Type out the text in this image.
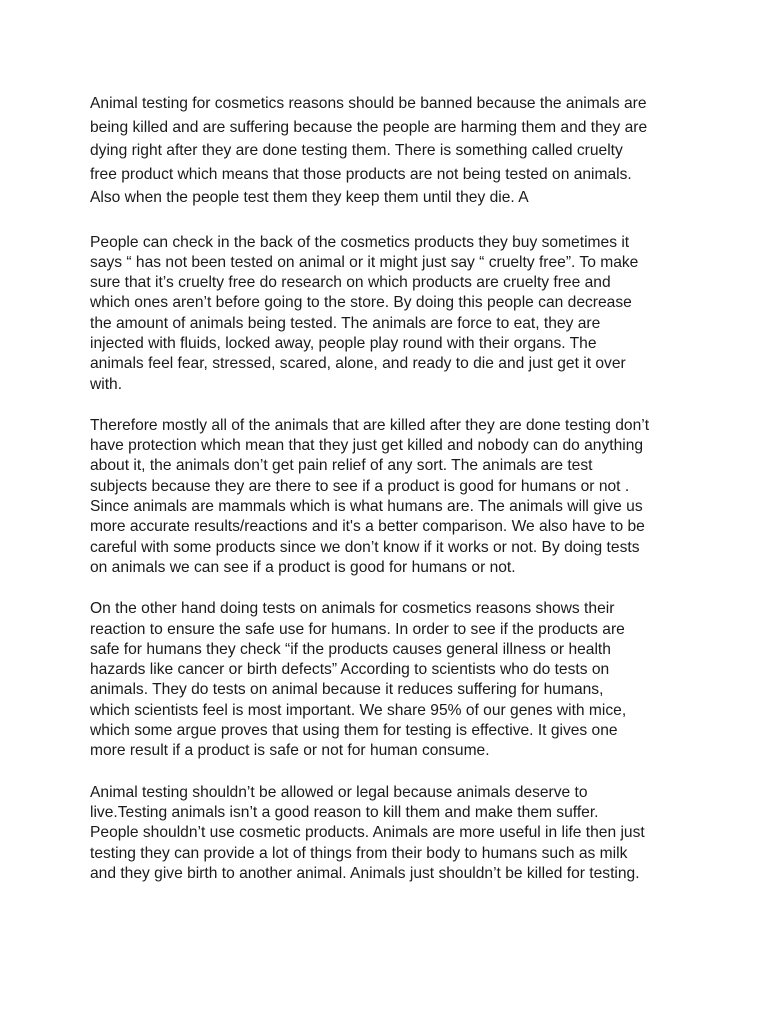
Animal testing for cosmetics reasons should be banned because the animals are
being killed and are suffering because the people are harming them and they are
dying right after they are done testing them. There is something called cruelty
free product which means that those products are not being tested on animals.
Also when the people test them they keep them until they die. A

People can check in the back of the cosmetics products they buy sometimes it
says “ has not been tested on animal or it might just say “ cruelty free”. To make
sure that it’s cruelty free do research on which products are cruelty free and
which ones aren’t before going to the store. By doing this people can decrease
the amount of animals being tested. The animals are force to eat, they are
injected with fluids, locked away, people play round with their organs. The
animals feel fear, stressed, scared, alone, and ready to die and just get it over
with.

Therefore mostly all of the animals that are killed after they are done testing don’t
have protection which mean that they just get killed and nobody can do anything
about it, the animals don’t get pain relief of any sort. The animals are test
subjects because they are there to see if a product is good for humans or not .
Since animals are mammals which is what humans are. The animals will give us
more accurate results/reactions and it's a better comparison. We also have to be
careful with some products since we don’t know if it works or not. By doing tests
on animals we can see if a product is good for humans or not.

On the other hand doing tests on animals for cosmetics reasons shows their
reaction to ensure the safe use for humans. In order to see if the products are
safe for humans they check “if the products causes general illness or health
hazards like cancer or birth defects” According to scientists who do tests on
animals. They do tests on animal because it reduces suffering for humans,
which scientists feel is most important. We share 95% of our genes with mice,
which some argue proves that using them for testing is effective. It gives one
more result if a product is safe or not for human consume.

Animal testing shouldn’t be allowed or legal because animals deserve to
live.Testing animals isn’t a good reason to kill them and make them suffer.
People shouldn’t use cosmetic products. Animals are more useful in life then just
testing they can provide a lot of things from their body to humans such as milk
and they give birth to another animal. Animals just shouldn’t be killed for testing.
